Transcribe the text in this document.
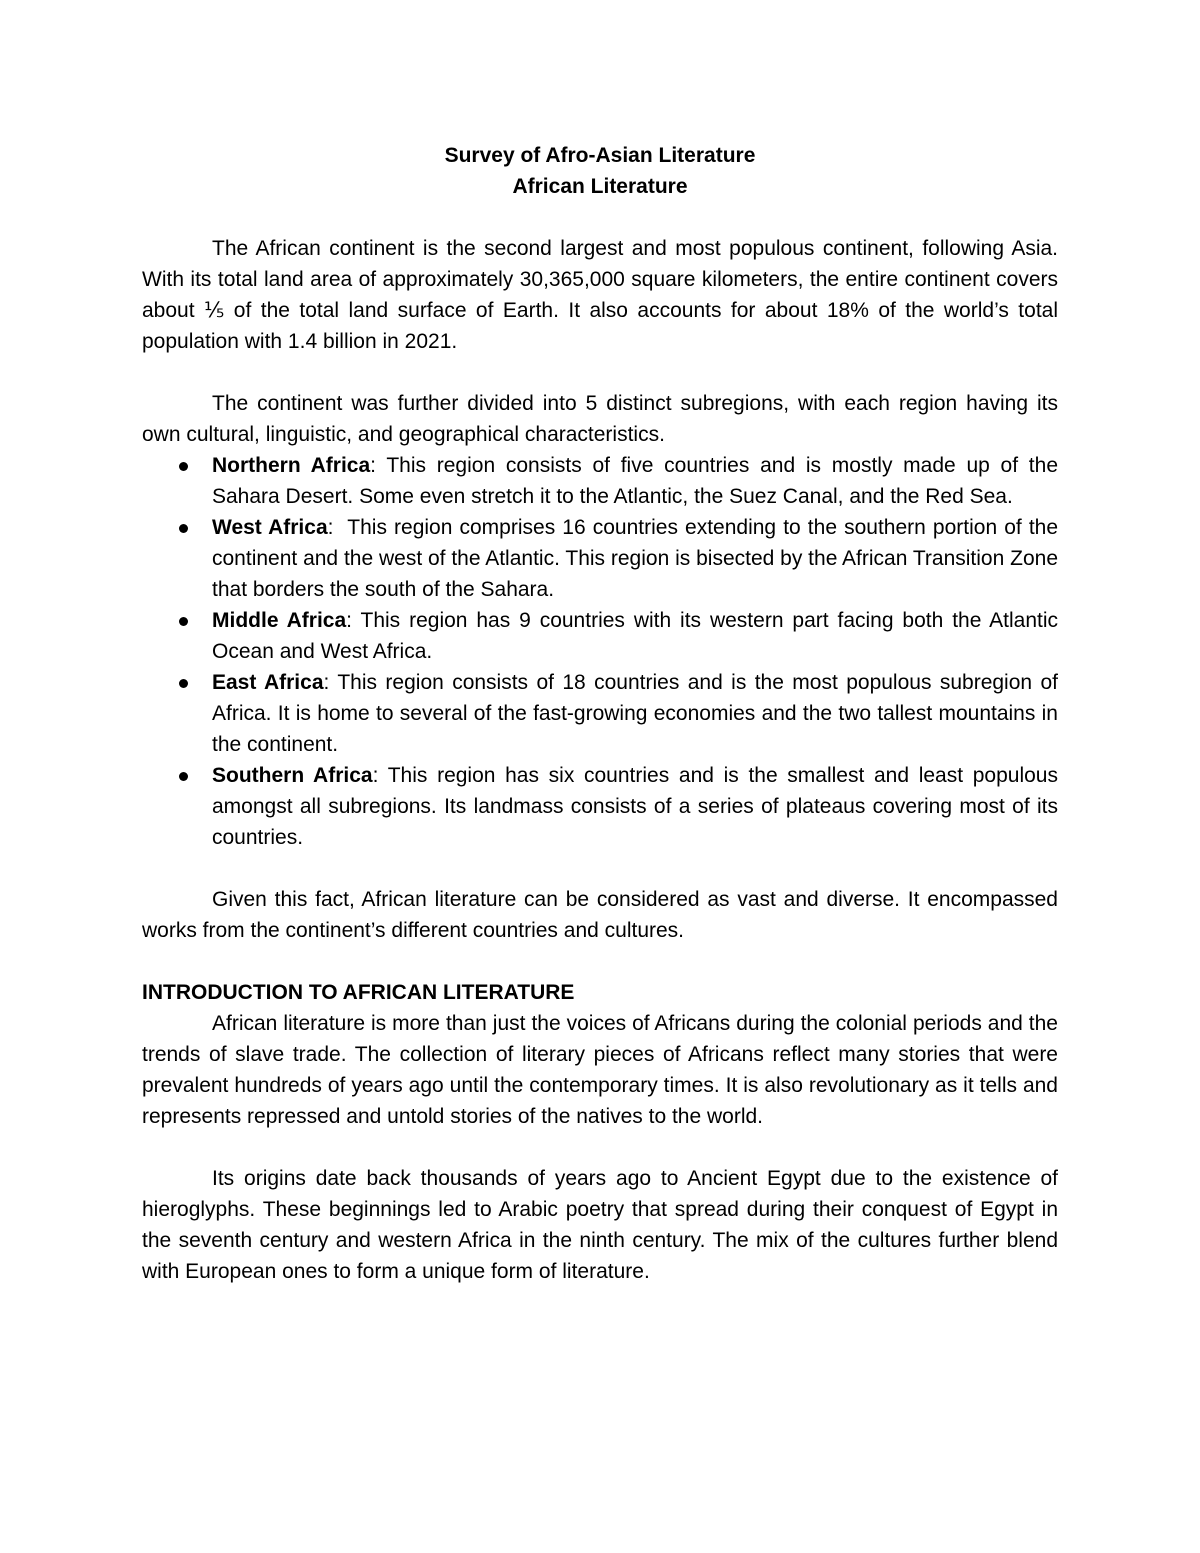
Survey of Afro-Asian Literature
African Literature

The African continent is the second largest and most populous continent, following Asia. With its total land area of approximately 30,365,000 square kilometers, the entire continent covers about ⅕ of the total land surface of Earth. It also accounts for about 18% of the world’s total population with 1.4 billion in 2021.

The continent was further divided into 5 distinct subregions, with each region having its own cultural, linguistic, and geographical characteristics.

Northern Africa: This region consists of five countries and is mostly made up of the Sahara Desert. Some even stretch it to the Atlantic, the Suez Canal, and the Red Sea.
West Africa:  This region comprises 16 countries extending to the southern portion of the continent and the west of the Atlantic. This region is bisected by the African Transition Zone that borders the south of the Sahara.
Middle Africa: This region has 9 countries with its western part facing both the Atlantic Ocean and West Africa.
East Africa: This region consists of 18 countries and is the most populous subregion of Africa. It is home to several of the fast-growing economies and the two tallest mountains in the continent.
Southern Africa: This region has six countries and is the smallest and least populous amongst all subregions. Its landmass consists of a series of plateaus covering most of its countries.

Given this fact, African literature can be considered as vast and diverse. It encompassed works from the continent’s different countries and cultures.

INTRODUCTION TO AFRICAN LITERATURE

African literature is more than just the voices of Africans during the colonial periods and the trends of slave trade. The collection of literary pieces of Africans reflect many stories that were prevalent hundreds of years ago until the contemporary times. It is also revolutionary as it tells and represents repressed and untold stories of the natives to the world.

Its origins date back thousands of years ago to Ancient Egypt due to the existence of hieroglyphs. These beginnings led to Arabic poetry that spread during their conquest of Egypt in the seventh century and western Africa in the ninth century. The mix of the cultures further blend with European ones to form a unique form of literature.
